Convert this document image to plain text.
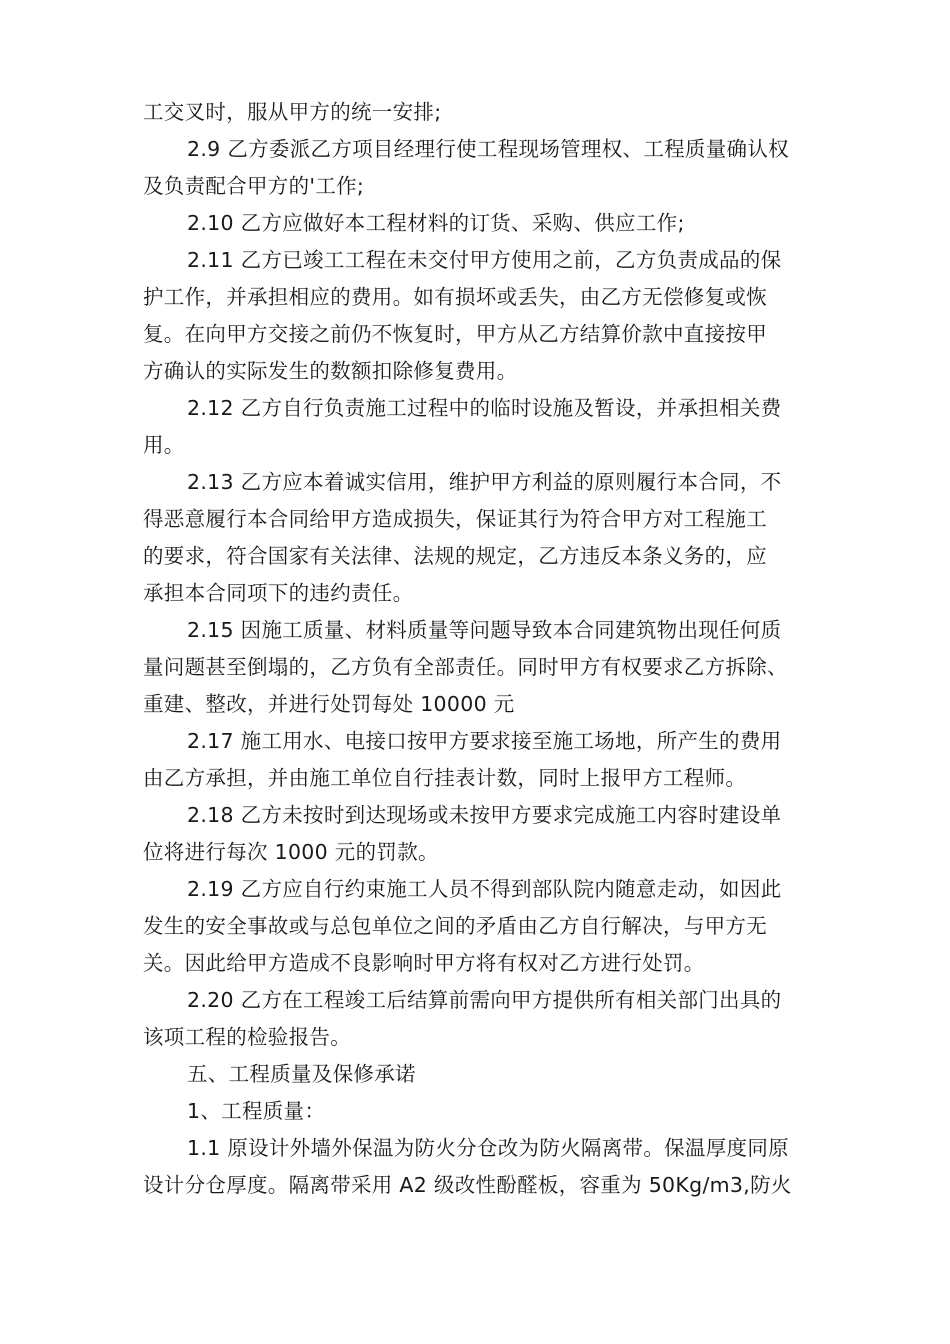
工交叉时，服从甲方的统一安排;
2.9 乙方委派乙方项目经理行使工程现场管理权、工程质量确认权
及负责配合甲方的'工作;
2.10 乙方应做好本工程材料的订货、采购、供应工作;
2.11 乙方已竣工工程在未交付甲方使用之前，乙方负责成品的保
护工作，并承担相应的费用。如有损坏或丢失，由乙方无偿修复或恢
复。在向甲方交接之前仍不恢复时，甲方从乙方结算价款中直接按甲
方确认的实际发生的数额扣除修复费用。
2.12 乙方自行负责施工过程中的临时设施及暂设，并承担相关费
用。
2.13 乙方应本着诚实信用，维护甲方利益的原则履行本合同，不
得恶意履行本合同给甲方造成损失，保证其行为符合甲方对工程施工
的要求，符合国家有关法律、法规的规定，乙方违反本条义务的，应
承担本合同项下的违约责任。
2.15 因施工质量、材料质量等问题导致本合同建筑物出现任何质
量问题甚至倒塌的，乙方负有全部责任。同时甲方有权要求乙方拆除、
重建、整改，并进行处罚每处 10000 元
2.17 施工用水、电接口按甲方要求接至施工场地，所产生的费用
由乙方承担，并由施工单位自行挂表计数，同时上报甲方工程师。
2.18 乙方未按时到达现场或未按甲方要求完成施工内容时建设单
位将进行每次 1000 元的罚款。
2.19 乙方应自行约束施工人员不得到部队院内随意走动，如因此
发生的安全事故或与总包单位之间的矛盾由乙方自行解决，与甲方无
关。因此给甲方造成不良影响时甲方将有权对乙方进行处罚。
2.20 乙方在工程竣工后结算前需向甲方提供所有相关部门出具的
该项工程的检验报告。
五、工程质量及保修承诺
1、工程质量：
1.1 原设计外墙外保温为防火分仓改为防火隔离带。保温厚度同原
设计分仓厚度。隔离带采用 A2 级改性酚醛板，容重为 50Kg/m3,防火
